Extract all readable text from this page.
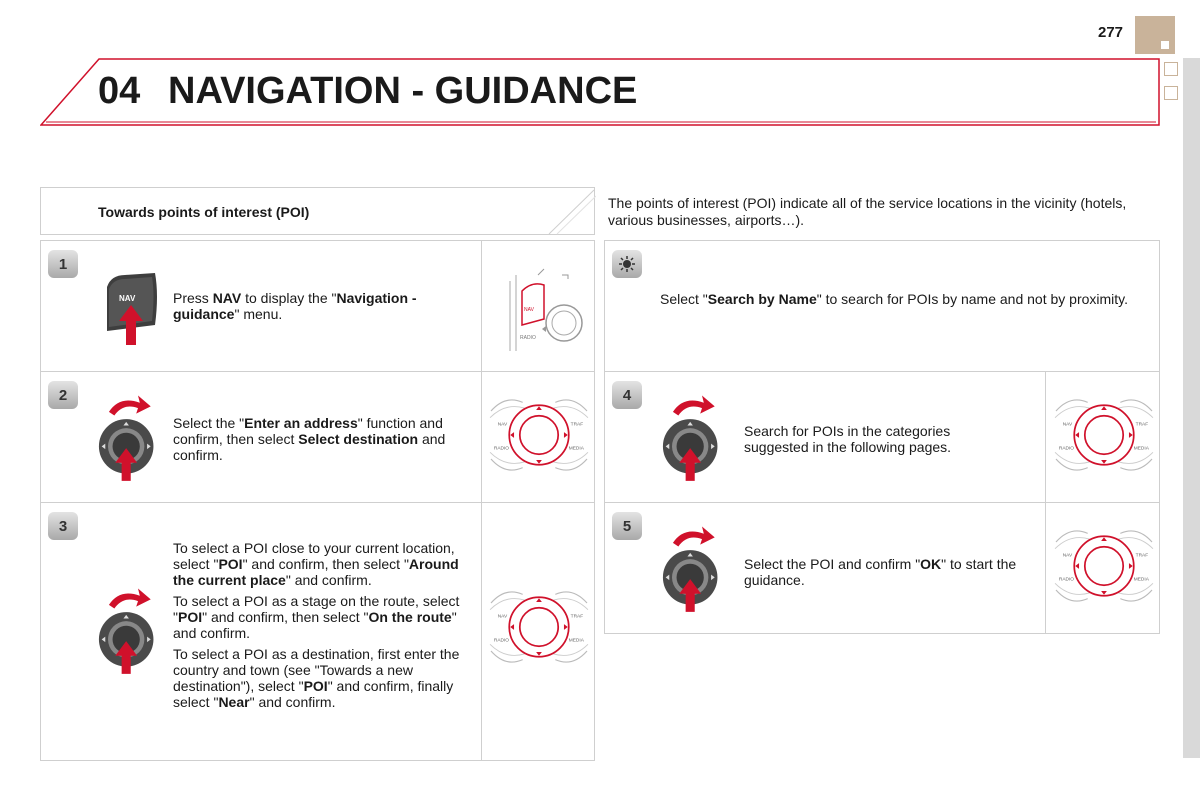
277
04 NAVIGATION - GUIDANCE
Towards points of interest (POI)
The points of interest (POI) indicate all of the service locations in the vicinity (hotels, various businesses, airports…).
1
NAV	Press NAV to display the "Navigation - guidance" menu.	NAV
RADIO
2
Select the "Enter an address" function and confirm, then select Select destination and confirm.
3

To select a POI close to your current location, select "POI" and confirm, then select "Around the current place" and confirm.

To select a POI as a stage on the route, select "POI" and confirm, then select "On the route" and confirm.

To select a POI as a destination, first enter the country and town (see "Towards a new destination"), select "POI" and confirm, finally select "Near" and confirm.

Select "Search by Name" to search for POIs by name and not by proximity.
4
Search for POIs in the categories suggested in the following pages.
5
Select the POI and confirm "OK" to start the guidance.
